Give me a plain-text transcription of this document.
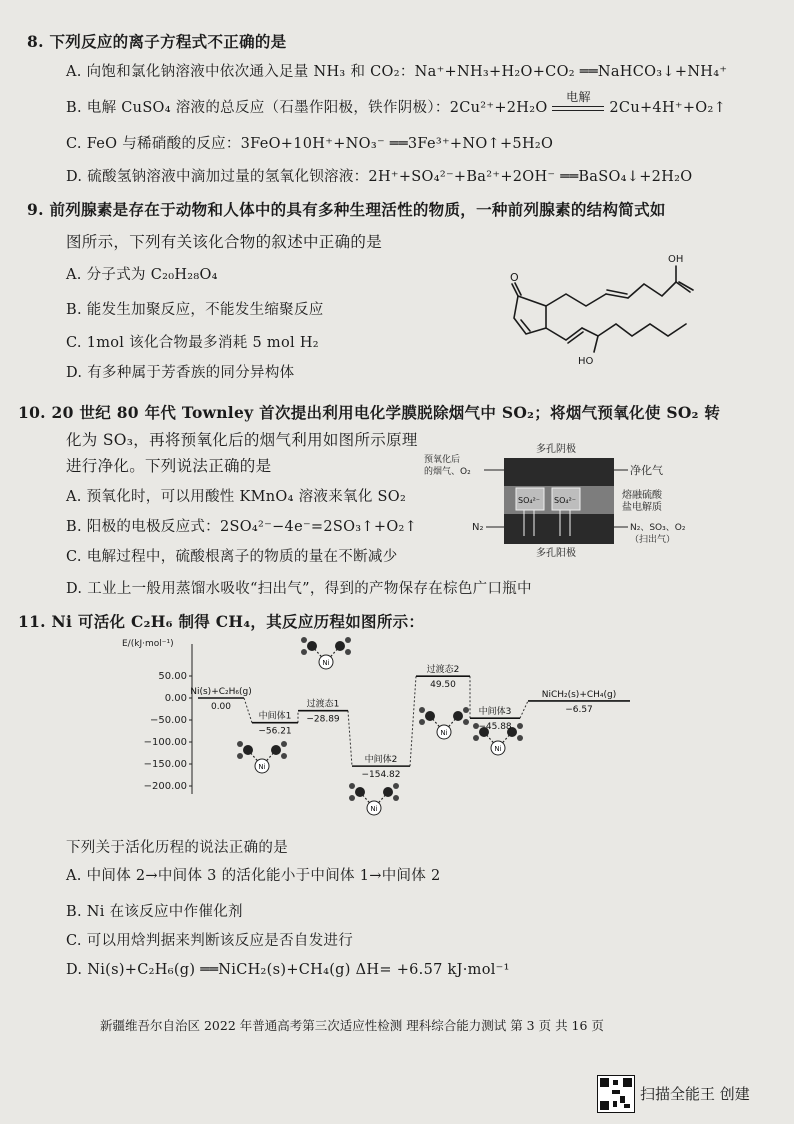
8. 下列反应的离子方程式不正确的是
A. 向饱和氯化钠溶液中依次通入足量 NH₃ 和 CO₂：Na⁺+NH₃+H₂O+CO₂ ══NaHCO₃↓+NH₄⁺
B. 电解 CuSO₄ 溶液的总反应（石墨作阳极，铁作阴极）：2Cu²⁺+2H₂O
电解
2Cu+4H⁺+O₂↑
C. FeO 与稀硝酸的反应：3FeO+10H⁺+NO₃⁻ ══3Fe³⁺+NO↑+5H₂O
D. 硫酸氢钠溶液中滴加过量的氢氧化钡溶液：2H⁺+SO₄²⁻+Ba²⁺+2OH⁻ ══BaSO₄↓+2H₂O
9. 前列腺素是存在于动物和人体中的具有多种生理活性的物质，一种前列腺素的结构简式如
图所示，下列有关该化合物的叙述中正确的是
A. 分子式为 C₂₀H₂₈O₄
B. 能发生加聚反应，不能发生缩聚反应
C. 1mol 该化合物最多消耗 5 mol H₂
D. 有多种属于芳香族的同分异构体
O
OH
HO
10. 20 世纪 80 年代 Townley 首次提出利用电化学膜脱除烟气中 SO₂；将烟气预氧化使 SO₂ 转
化为 SO₃，再将预氧化后的烟气利用如图所示原理
进行净化。下列说法正确的是
A. 预氧化时，可以用酸性 KMnO₄ 溶液来氧化 SO₂
B. 阳极的电极反应式：2SO₄²⁻−4e⁻=2SO₃↑+O₂↑
C. 电解过程中，硫酸根离子的物质的量在不断减少
D. 工业上一般用蒸馏水吸收“扫出气”，得到的产物保存在棕色广口瓶中
多孔阴极
SO₄²⁻ SO₄²⁻
预氧化后
的烟气、O₂	净化气
熔融硫酸
盐电解质
N₂	N₂、SO₃、O₂
（扫出气）
多孔阳极
11. Ni 可活化 C₂H₆ 制得 CH₄，其反应历程如图所示：
Ni
Ni
Ni
Ni
Ni
E/(kJ·mol⁻¹)
50.00
0.00
−50.00
−100.00
−150.00
−200.00
Ni(s)+C₂H₆(g)
0.00
中间体1
−56.21
过渡态1
−28.89
中间体2
−154.82
过渡态2
49.50
中间体3
−45.88
NiCH₂(s)+CH₄(g)
−6.57
下列关于活化历程的说法正确的是
A. 中间体 2→中间体 3 的活化能小于中间体 1→中间体 2
B. Ni 在该反应中作催化剂
C. 可以用焓判据来判断该反应是否自发进行
D. Ni(s)+C₂H₆(g) ══NiCH₂(s)+CH₄(g) ΔH= +6.57 kJ·mol⁻¹
新疆维吾尔自治区 2022 年普通高考第三次适应性检测 理科综合能力测试 第 3 页 共 16 页
扫描全能王 创建
